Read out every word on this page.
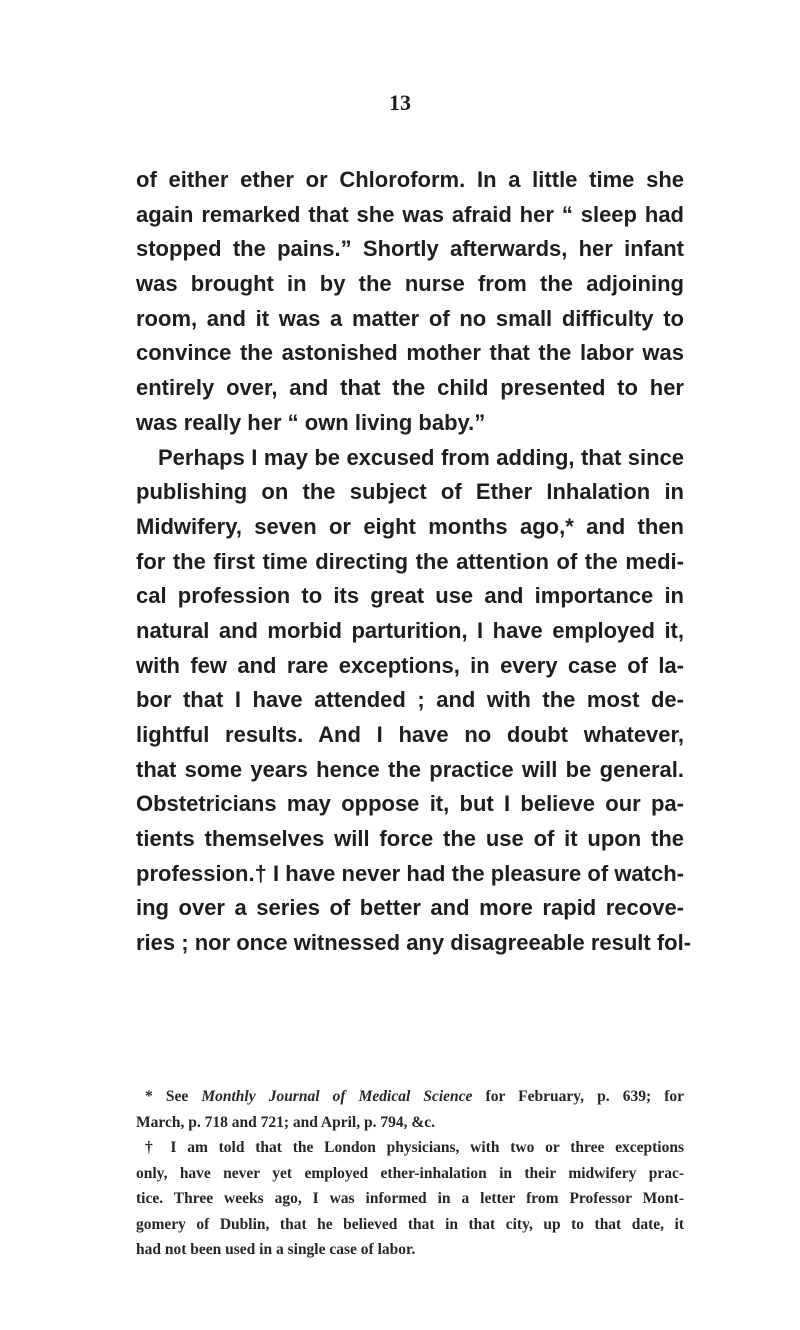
13
of either ether or Chloroform. In a little time she
again remarked that she was afraid her “ sleep had
stopped the pains.” Shortly afterwards, her infant
was brought in by the nurse from the adjoining
room, and it was a matter of no small difficulty to
convince the astonished mother that the labor was
entirely over, and that the child presented to her
was really her “ own living baby.”
Perhaps I may be excused from adding, that since
publishing on the subject of Ether Inhalation in
Midwifery, seven or eight months ago,* and then
for the first time directing the attention of the medi-
cal profession to its great use and importance in
natural and morbid parturition, I have employed it,
with few and rare exceptions, in every case of la-
bor that I have attended ; and with the most de-
lightful results. And I have no doubt whatever,
that some years hence the practice will be general.
Obstetricians may oppose it, but I believe our pa-
tients themselves will force the use of it upon the
profession.† I have never had the pleasure of watch-
ing over a series of better and more rapid recove-
ries ; nor once witnessed any disagreeable result fol-
* See Monthly Journal of Medical Science for February, p. 639; for
March, p. 718 and 721; and April, p. 794, &c.
† I am told that the London physicians, with two or three exceptions
only, have never yet employed ether-inhalation in their midwifery prac-
tice. Three weeks ago, I was informed in a letter from Professor Mont-
gomery of Dublin, that he believed that in that city, up to that date, it
had not been used in a single case of labor.
